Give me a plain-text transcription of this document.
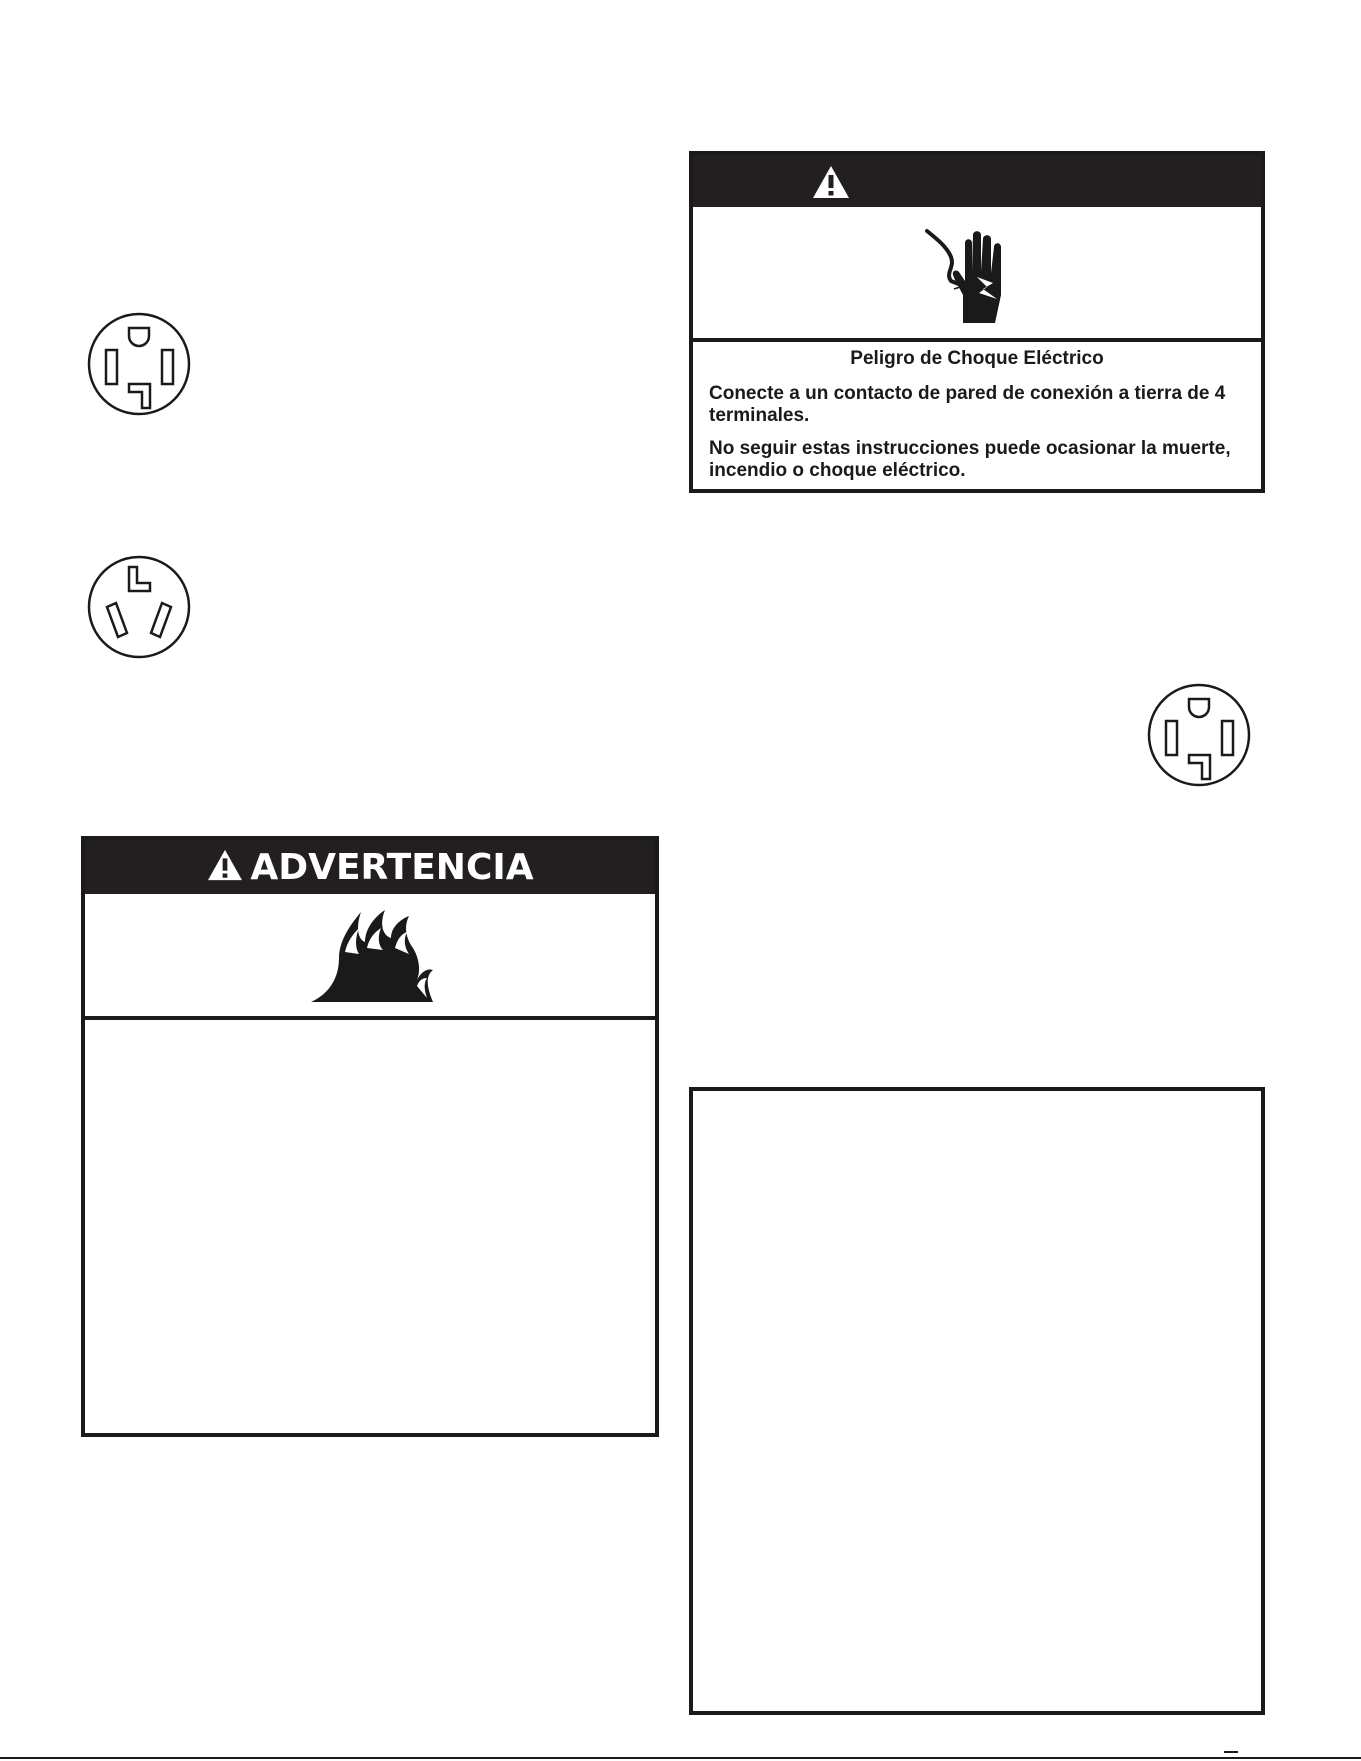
Peligro de Choque Eléctrico

Conecte a un contacto de pared de conexión a tierra de 4 terminales.

No seguir estas instrucciones puede ocasionar la muerte, incendio o choque eléctrico.

ADVERTENCIA
